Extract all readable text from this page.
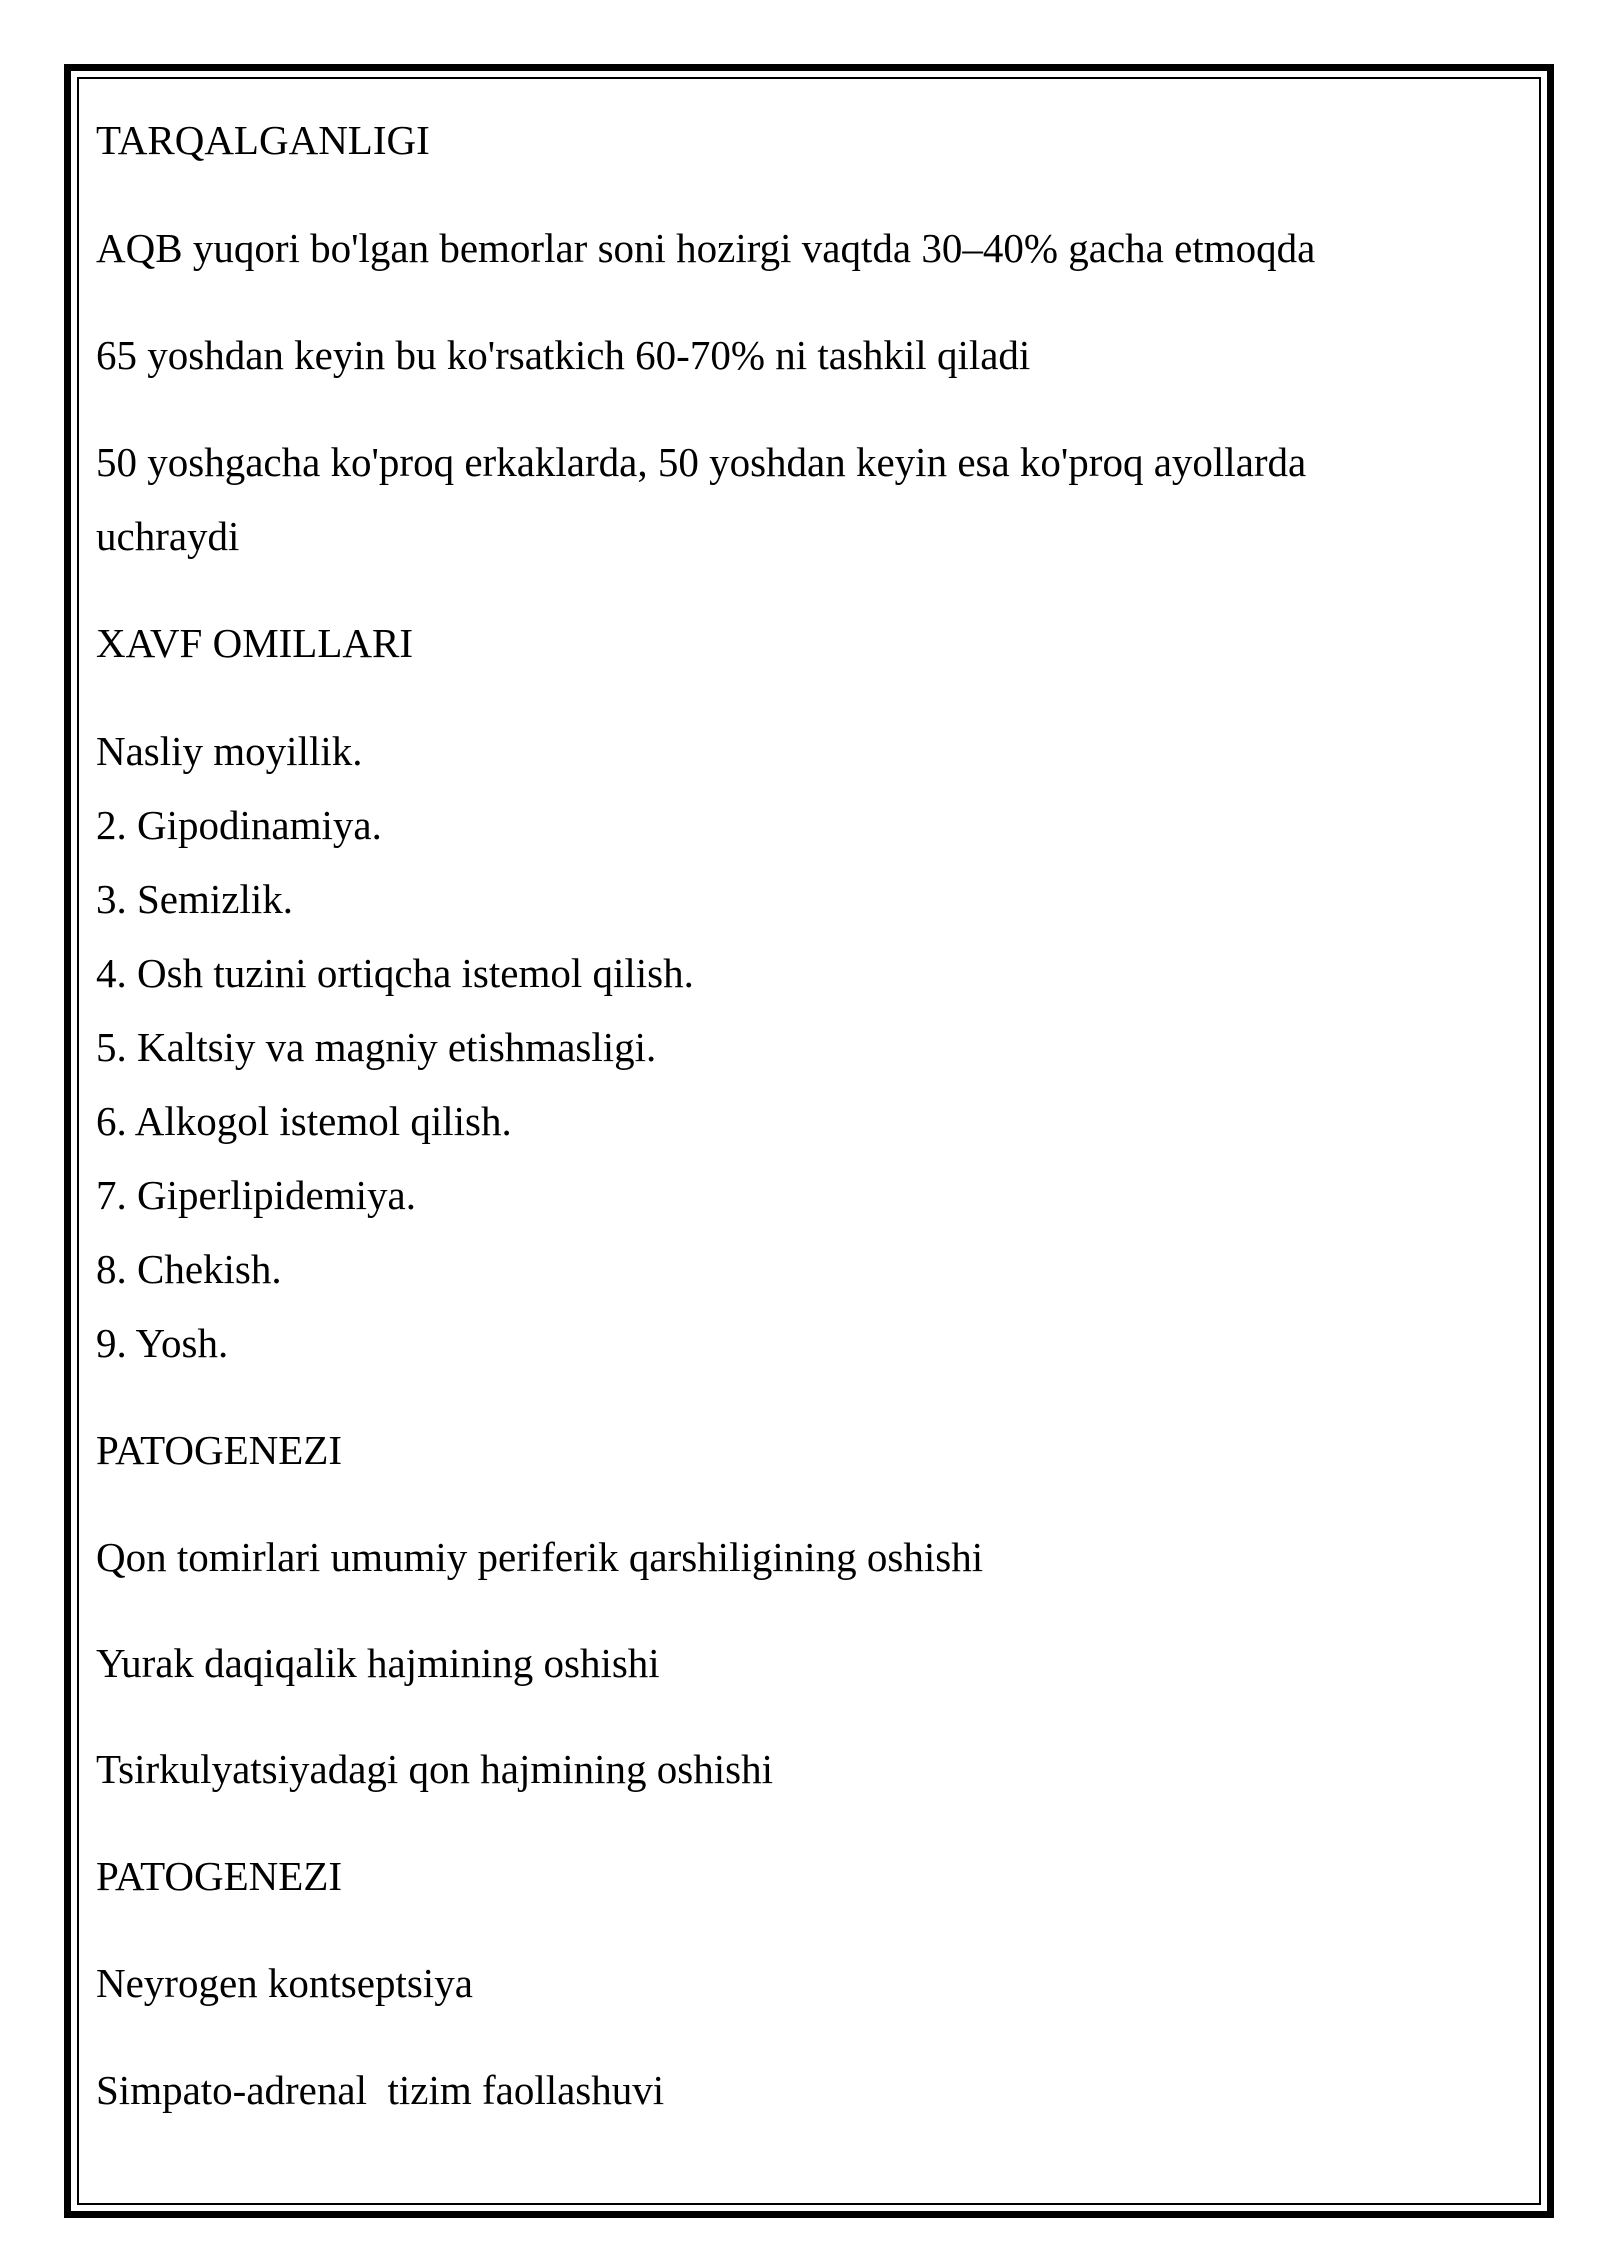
TARQALGANLIGI
AQB yuqori bo'lgan bemorlar soni hozirgi vaqtda 30–40% gacha etmoqda
65 yoshdan keyin bu ko'rsatkich 60-70% ni tashkil qiladi
50 yoshgacha ko'proq erkaklarda, 50 yoshdan keyin esa ko'proq ayollarda
uchraydi
XAVF OMILLARI
Nasliy moyillik.
2. Gipodinamiya.
3. Semizlik.
4. Osh tuzini ortiqcha istemol qilish.
5. Kaltsiy va magniy etishmasligi.
6. Alkogol istemol qilish.
7. Giperlipidemiya.
8. Chekish.
9. Yosh.
PATOGENEZI
Qon tomirlari umumiy periferik qarshiligining oshishi
Yurak daqiqalik hajmining oshishi
Tsirkulyatsiyadagi qon hajmining oshishi
PATOGENEZI
Neyrogen kontseptsiya
Simpato-adrenal  tizim faollashuvi
